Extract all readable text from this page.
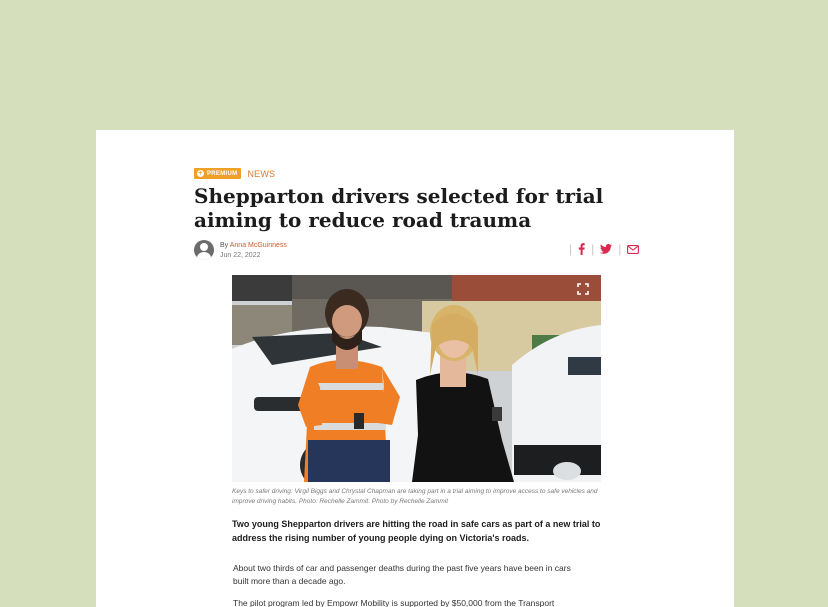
+ PREMIUM NEWS
Shepparton drivers selected for trial aiming to reduce road trauma
By Anna McGuinness
Jun 22, 2022	| | |

Keys to safer driving: Virgil Biggs and Chrystal Chapman are taking part in a trial aiming to improve access to safe vehicles and improve driving habits. Photo: Rechelle Zammit. Photo by Rechelle Zammit

Two young Shepparton drivers are hitting the road in safe cars as part of a new trial to address the rising number of young people dying on Victoria's roads.

About two thirds of car and passenger deaths during the past five years have been in cars built more than a decade ago.

The pilot program led by Empowr Mobility is supported by $50,000 from the Transport
